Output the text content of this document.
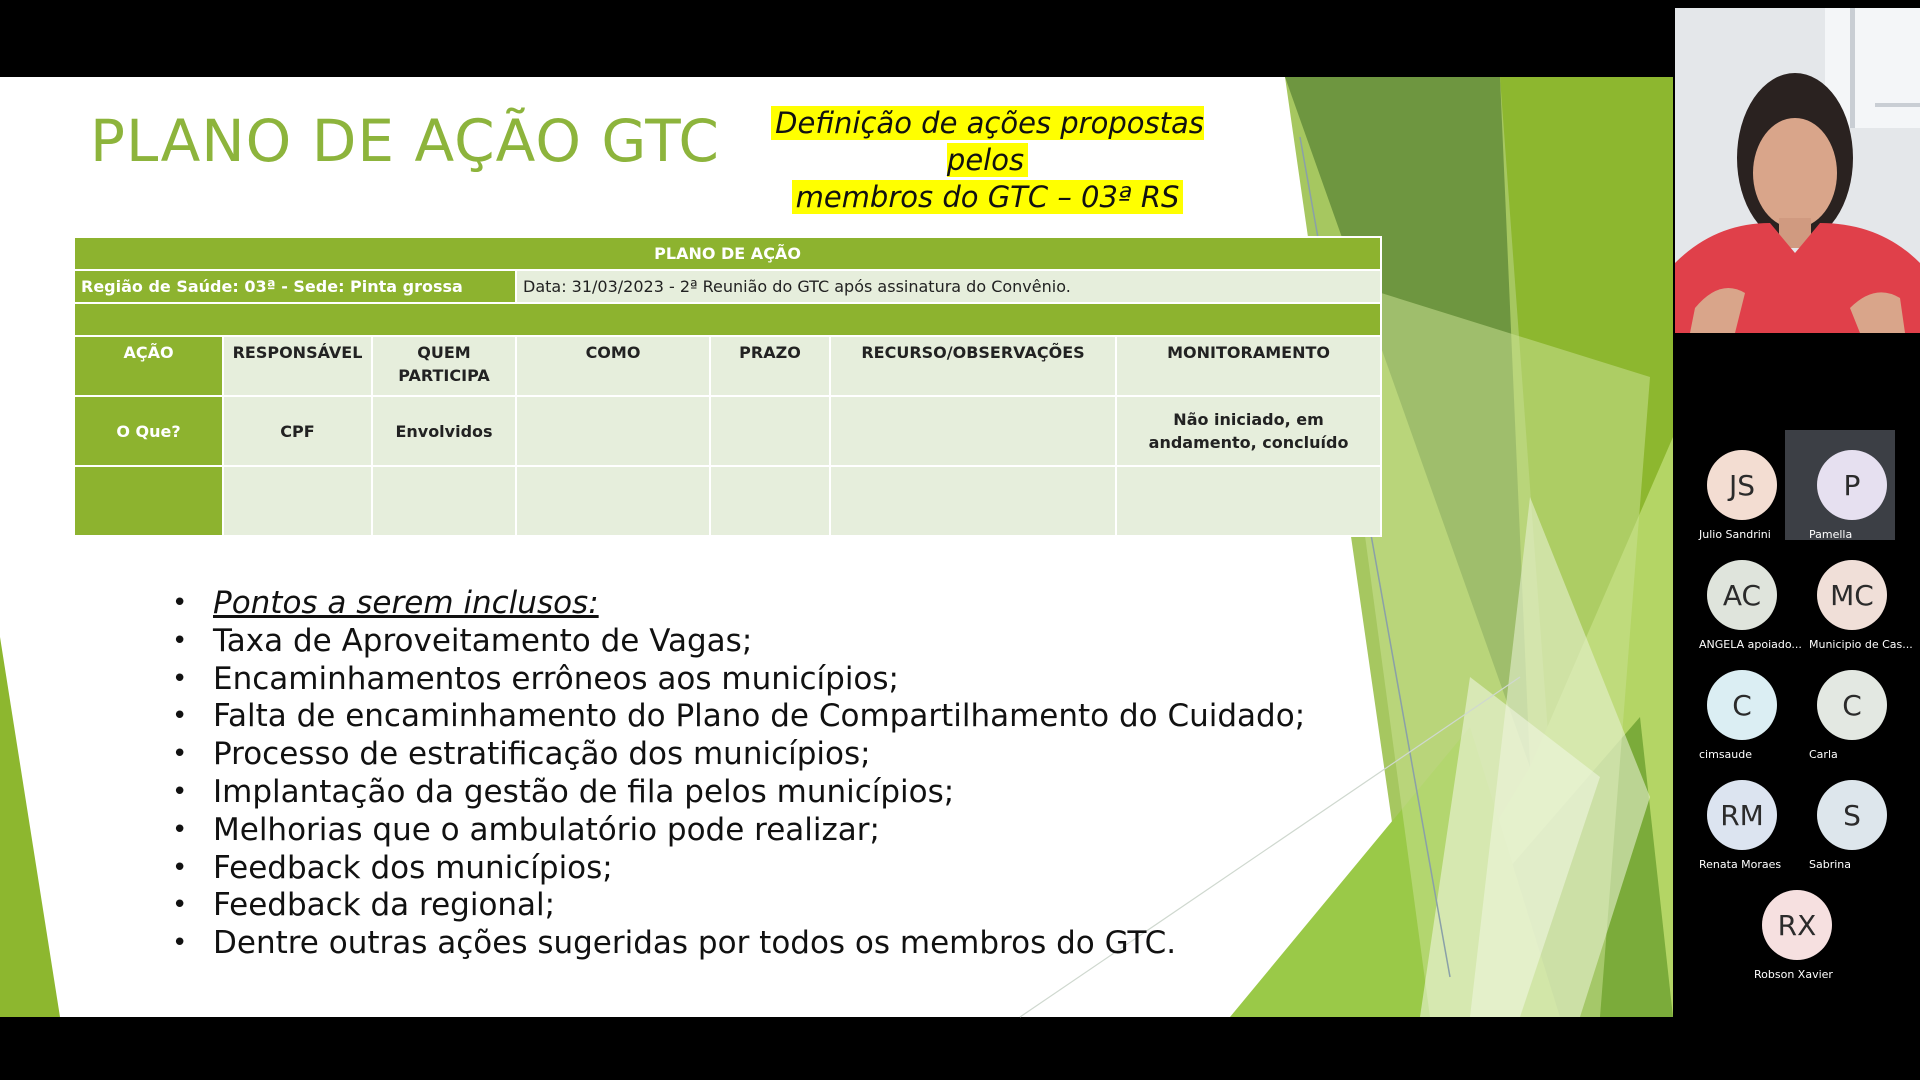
PLANO DE AÇÃO GTC	Definição de ações propostas pelos
membros do GTC – 03ª RS
PLANO DE AÇÃO						
Região de Saúde: 03ª - Sede: Pinta grossa			Data: 31/03/2023 - 2ª Reunião do GTC após assinatura do Convênio.			

AÇÃO	RESPONSÁVEL	QUEM PARTICIPA	COMO	PRAZO	RECURSO/OBSERVAÇÕES	MONITORAMENTO
O Que?	CPF	Envolvidos				Não iniciado, em andamento, concluído

• Pontos a serem inclusos:
• Taxa de Aproveitamento de Vagas;
• Encaminhamentos errôneos aos municípios;
• Falta de encaminhamento do Plano de Compartilhamento do Cuidado;
• Processo de estratificação dos municípios;
• Implantação da gestão de fila pelos municípios;
• Melhorias que o ambulatório pode realizar;
• Feedback dos municípios;
• Feedback da regional;
• Dentre outras ações sugeridas por todos os membros do GTC.
JS
Julio Sandrini
P
Pamella
AC
ANGELA apoiado...
MC
Municipio de Cas...
C
cimsaude
C
Carla
RM
Renata Moraes
S
Sabrina
RX
Robson Xavier
